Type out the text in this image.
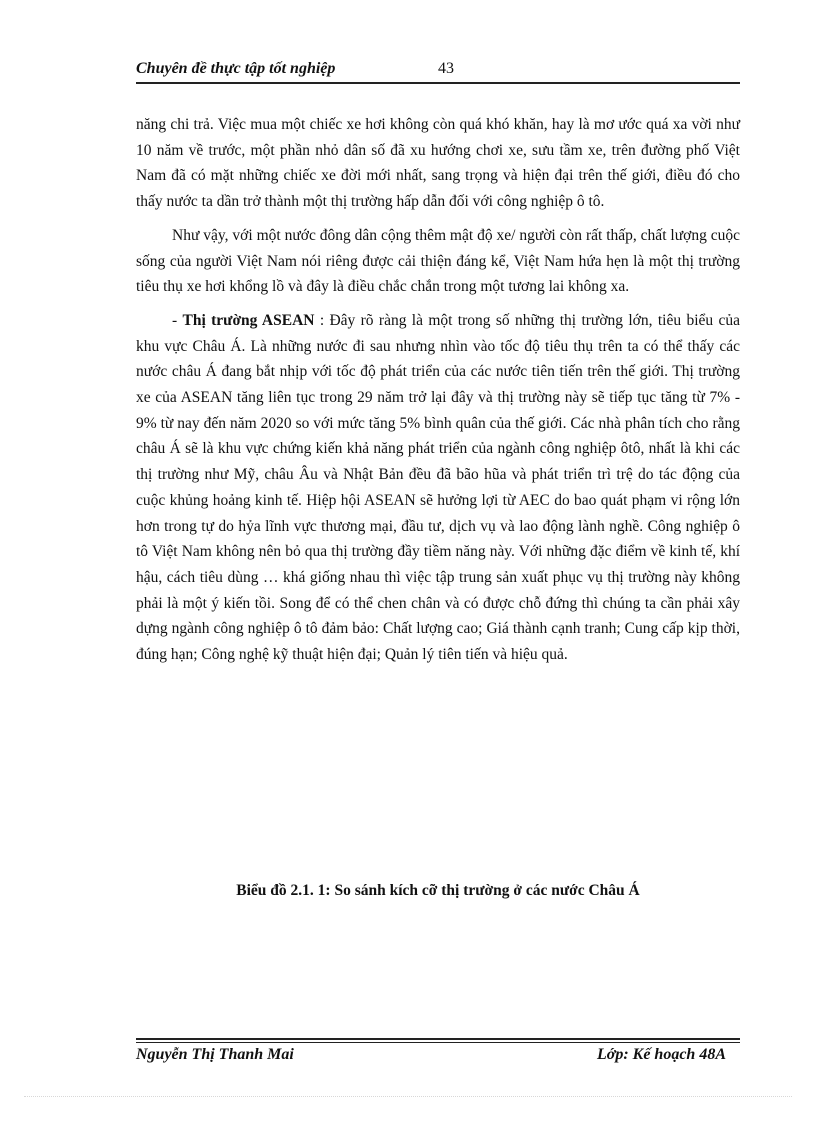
Chuyên đề thực tập tốt nghiệp	43

năng chi trả. Việc mua một chiếc xe hơi không còn quá khó khăn, hay là mơ ước quá xa vời như 10 năm về trước, một phần nhỏ dân số đã xu hướng chơi xe, sưu tầm xe, trên đường phố Việt Nam đã có mặt những chiếc xe đời mới nhất, sang trọng và hiện đại trên thế giới, điều đó cho thấy nước ta dần trở thành một thị trường hấp dẫn đối với công nghiệp ô tô.

Như vậy, với một nước đông dân cộng thêm mật độ xe/ người còn rất thấp, chất lượng cuộc sống của người Việt Nam nói riêng được cải thiện đáng kể, Việt Nam hứa hẹn là một thị trường tiêu thụ xe hơi khổng lồ và đây là điều chắc chắn trong một tương lai không xa.

- Thị trường ASEAN : Đây rõ ràng là một trong số những thị trường lớn, tiêu biểu của khu vực Châu Á. Là những nước đi sau nhưng nhìn vào tốc độ tiêu thụ trên ta có thể thấy các nước châu Á đang bắt nhịp với tốc độ phát triển của các nước tiên tiến trên thế giới. Thị trường xe của ASEAN tăng liên tục trong 29 năm trở lại đây và thị trường này sẽ tiếp tục tăng từ 7% - 9% từ nay đến năm 2020 so với mức tăng 5% bình quân của thế giới. Các nhà phân tích cho rằng châu Á sẽ là khu vực chứng kiến khả năng phát triển của ngành công nghiệp ôtô, nhất là khi các thị trường như Mỹ, châu Âu và Nhật Bản đều đã bão hũa và phát triển trì trệ do tác động của cuộc khủng hoảng kinh tế. Hiệp hội ASEAN sẽ hưởng lợi từ AEC do bao quát phạm vi rộng lớn hơn trong tự do hỷa lĩnh vực thương mại, đầu tư, dịch vụ và lao động lành nghề. Công nghiệp ô tô Việt Nam không nên bỏ qua thị trường đầy tiềm năng này. Với những đặc điểm về kinh tế, khí hậu, cách tiêu dùng … khá giống nhau thì việc tập trung sản xuất phục vụ thị trường này không phải là một ý kiến tồi. Song để có thể chen chân và có được chỗ đứng thì chúng ta cần phải xây dựng ngành công nghiệp ô tô đảm bảo: Chất lượng cao; Giá thành cạnh tranh; Cung cấp kịp thời, đúng hạn; Công nghệ kỹ thuật hiện đại; Quản lý tiên tiến và hiệu quả.

Biểu đồ 2.1. 1: So sánh kích cỡ thị trường ở các nước Châu Á
Nguyễn Thị Thanh Mai	Lớp: Kế hoạch 48A
